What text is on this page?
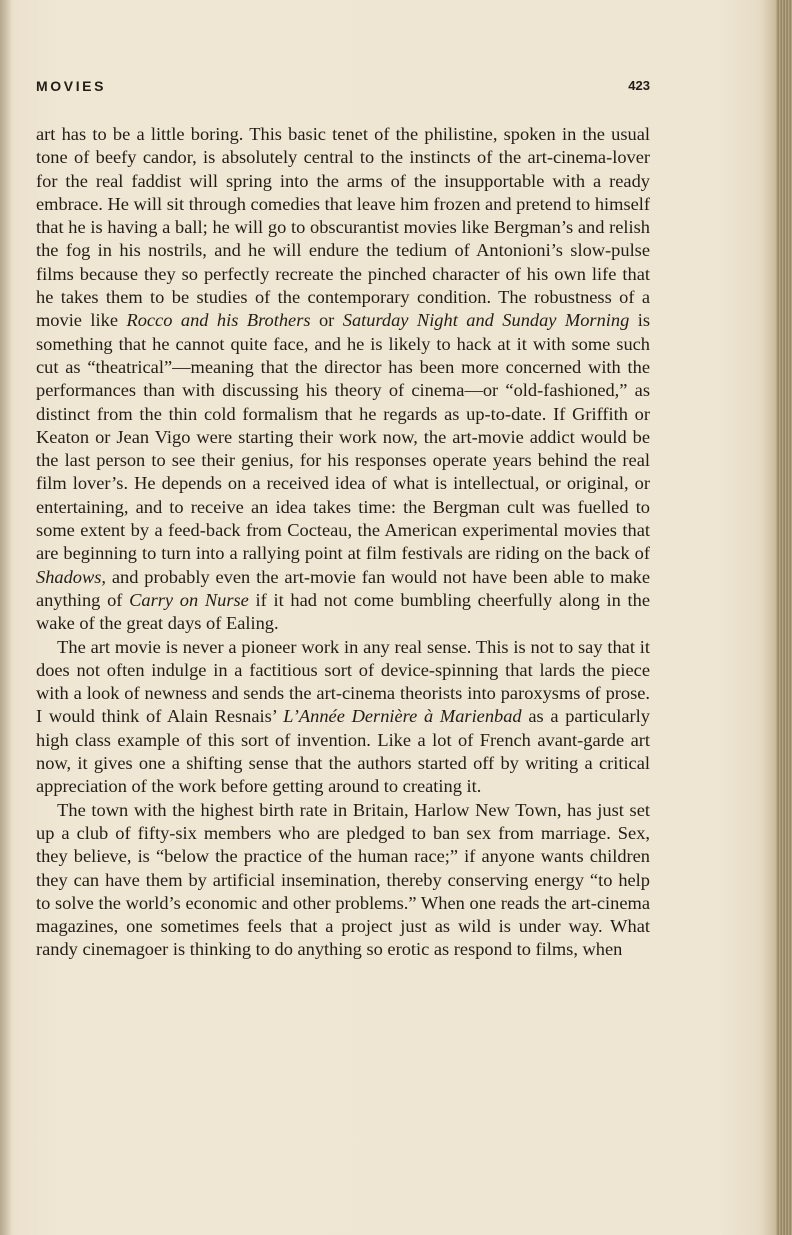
MOVIES	423

art has to be a little boring. This basic tenet of the philistine, spoken in the usual tone of beefy candor, is absolutely central to the instincts of the art-cinema-lover for the real faddist will spring into the arms of the insupportable with a ready embrace. He will sit through comedies that leave him frozen and pretend to himself that he is having a ball; he will go to obscurantist movies like Bergman’s and relish the fog in his nostrils, and he will endure the tedium of Antonioni’s slow-pulse films because they so perfectly recreate the pinched character of his own life that he takes them to be studies of the contemporary condition. The robustness of a movie like Rocco and his Brothers or Saturday Night and Sunday Morning is something that he cannot quite face, and he is likely to hack at it with some such cut as “theatrical”—meaning that the director has been more concerned with the performances than with discussing his theory of cinema—or “old-fashioned,” as distinct from the thin cold formalism that he regards as up-to-date. If Griffith or Keaton or Jean Vigo were starting their work now, the art-movie addict would be the last person to see their genius, for his responses operate years behind the real film lover’s. He depends on a received idea of what is intellectual, or original, or entertaining, and to receive an idea takes time: the Bergman cult was fuelled to some extent by a feed-back from Cocteau, the American experimental movies that are beginning to turn into a rallying point at film festivals are riding on the back of Shadows, and probably even the art-movie fan would not have been able to make anything of Carry on Nurse if it had not come bumbling cheerfully along in the wake of the great days of Ealing.

The art movie is never a pioneer work in any real sense. This is not to say that it does not often indulge in a factitious sort of device-spinning that lards the piece with a look of newness and sends the art-cinema theorists into paroxysms of prose. I would think of Alain Resnais’ L’Année Dernière à Marienbad as a particularly high class example of this sort of invention. Like a lot of French avant-garde art now, it gives one a shifting sense that the authors started off by writing a critical appreciation of the work before getting around to creating it.

The town with the highest birth rate in Britain, Harlow New Town, has just set up a club of fifty-six members who are pledged to ban sex from marriage. Sex, they believe, is “below the practice of the human race;” if anyone wants children they can have them by artificial insemination, thereby conserving energy “to help to solve the world’s economic and other problems.” When one reads the art-cinema magazines, one sometimes feels that a project just as wild is under way. What randy cinemagoer is thinking to do anything so erotic as respond to films, when
